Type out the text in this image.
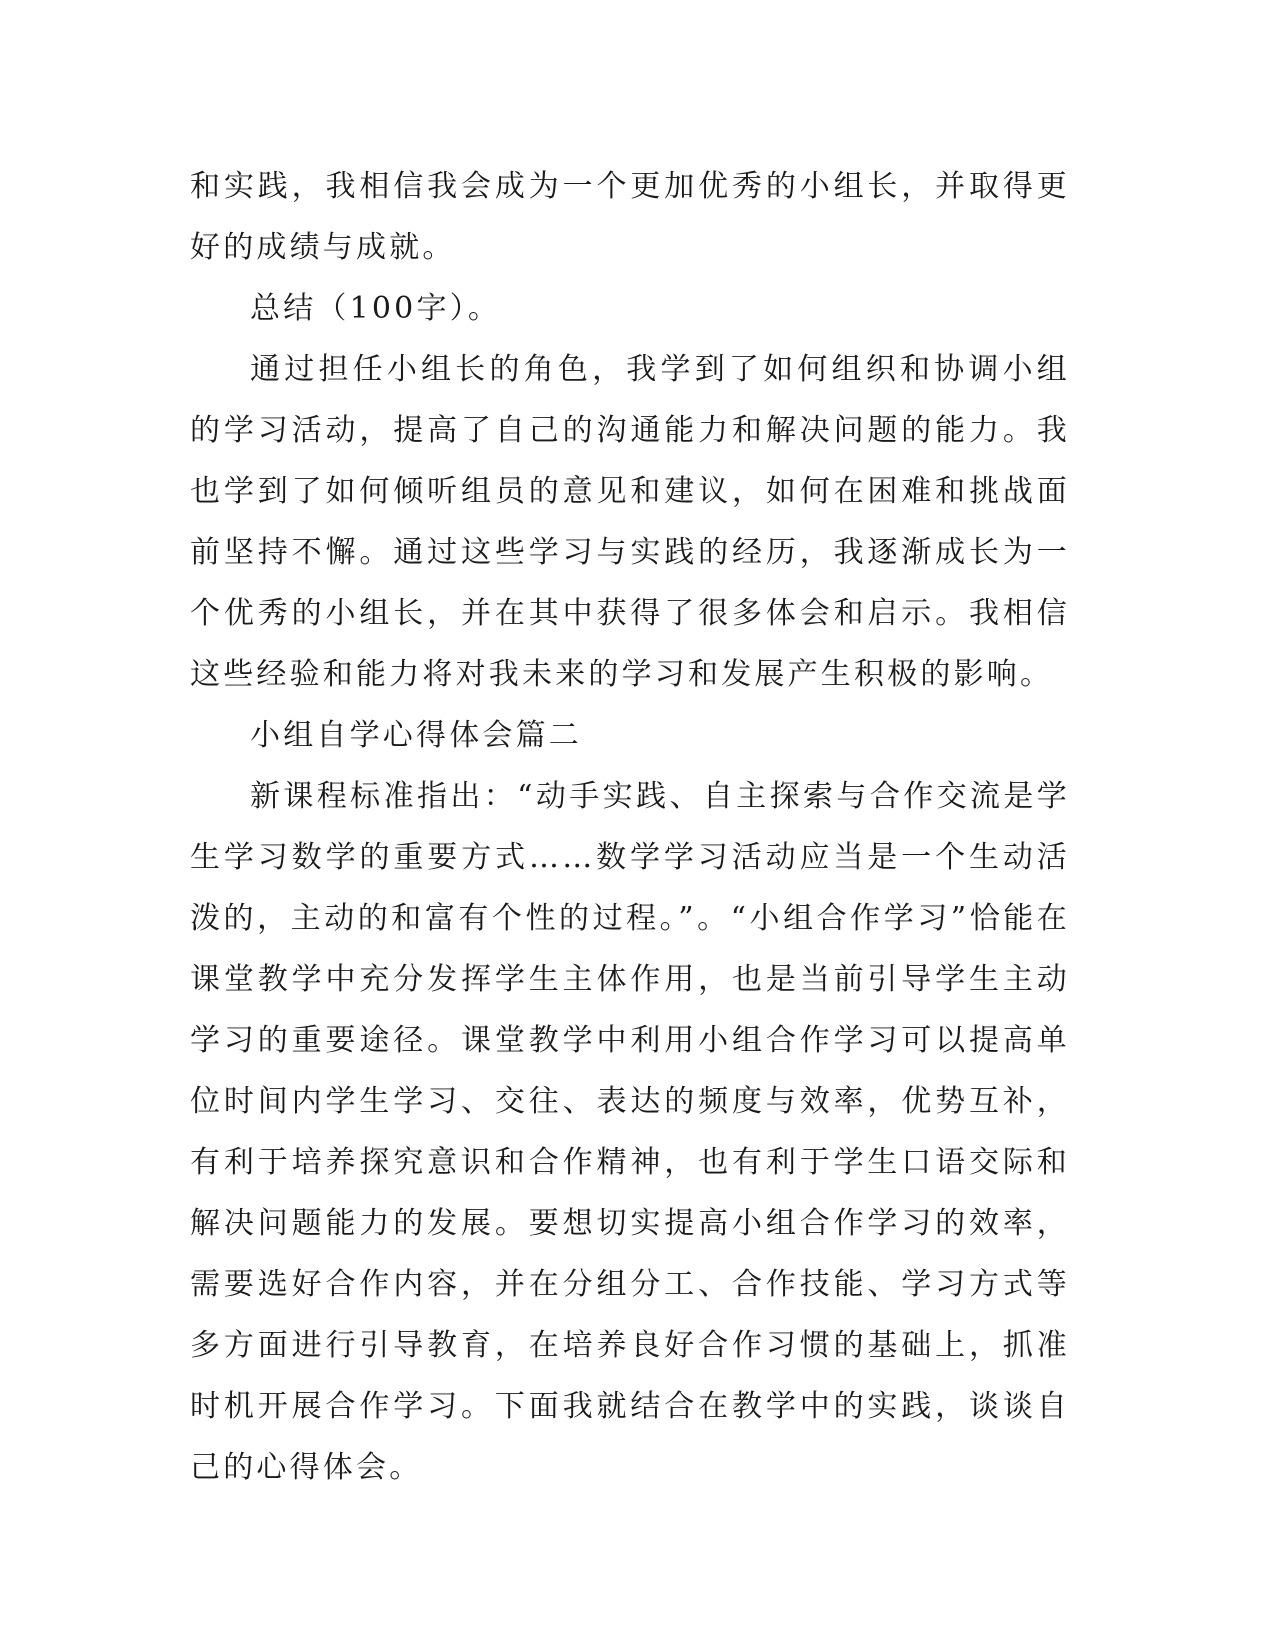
和实践，我相信我会成为一个更加优秀的小组长，并取得更好的成绩与成就。

总结（100字）。

通过担任小组长的角色，我学到了如何组织和协调小组的学习活动，提高了自己的沟通能力和解决问题的能力。我也学到了如何倾听组员的意见和建议，如何在困难和挑战面前坚持不懈。通过这些学习与实践的经历，我逐渐成长为一个优秀的小组长，并在其中获得了很多体会和启示。我相信这些经验和能力将对我未来的学习和发展产生积极的影响。

小组自学心得体会篇二

新课程标准指出：“动手实践、自主探索与合作交流是学生学习数学的重要方式……数学学习活动应当是一个生动活泼的，主动的和富有个性的过程。”。“小组合作学习”恰能在课堂教学中充分发挥学生主体作用，也是当前引导学生主动学习的重要途径。课堂教学中利用小组合作学习可以提高单位时间内学生学习、交往、表达的频度与效率，优势互补，有利于培养探究意识和合作精神，也有利于学生口语交际和解决问题能力的发展。要想切实提高小组合作学习的效率，需要选好合作内容，并在分组分工、合作技能、学习方式等多方面进行引导教育，在培养良好合作习惯的基础上，抓准时机开展合作学习。下面我就结合在教学中的实践，谈谈自己的心得体会。
